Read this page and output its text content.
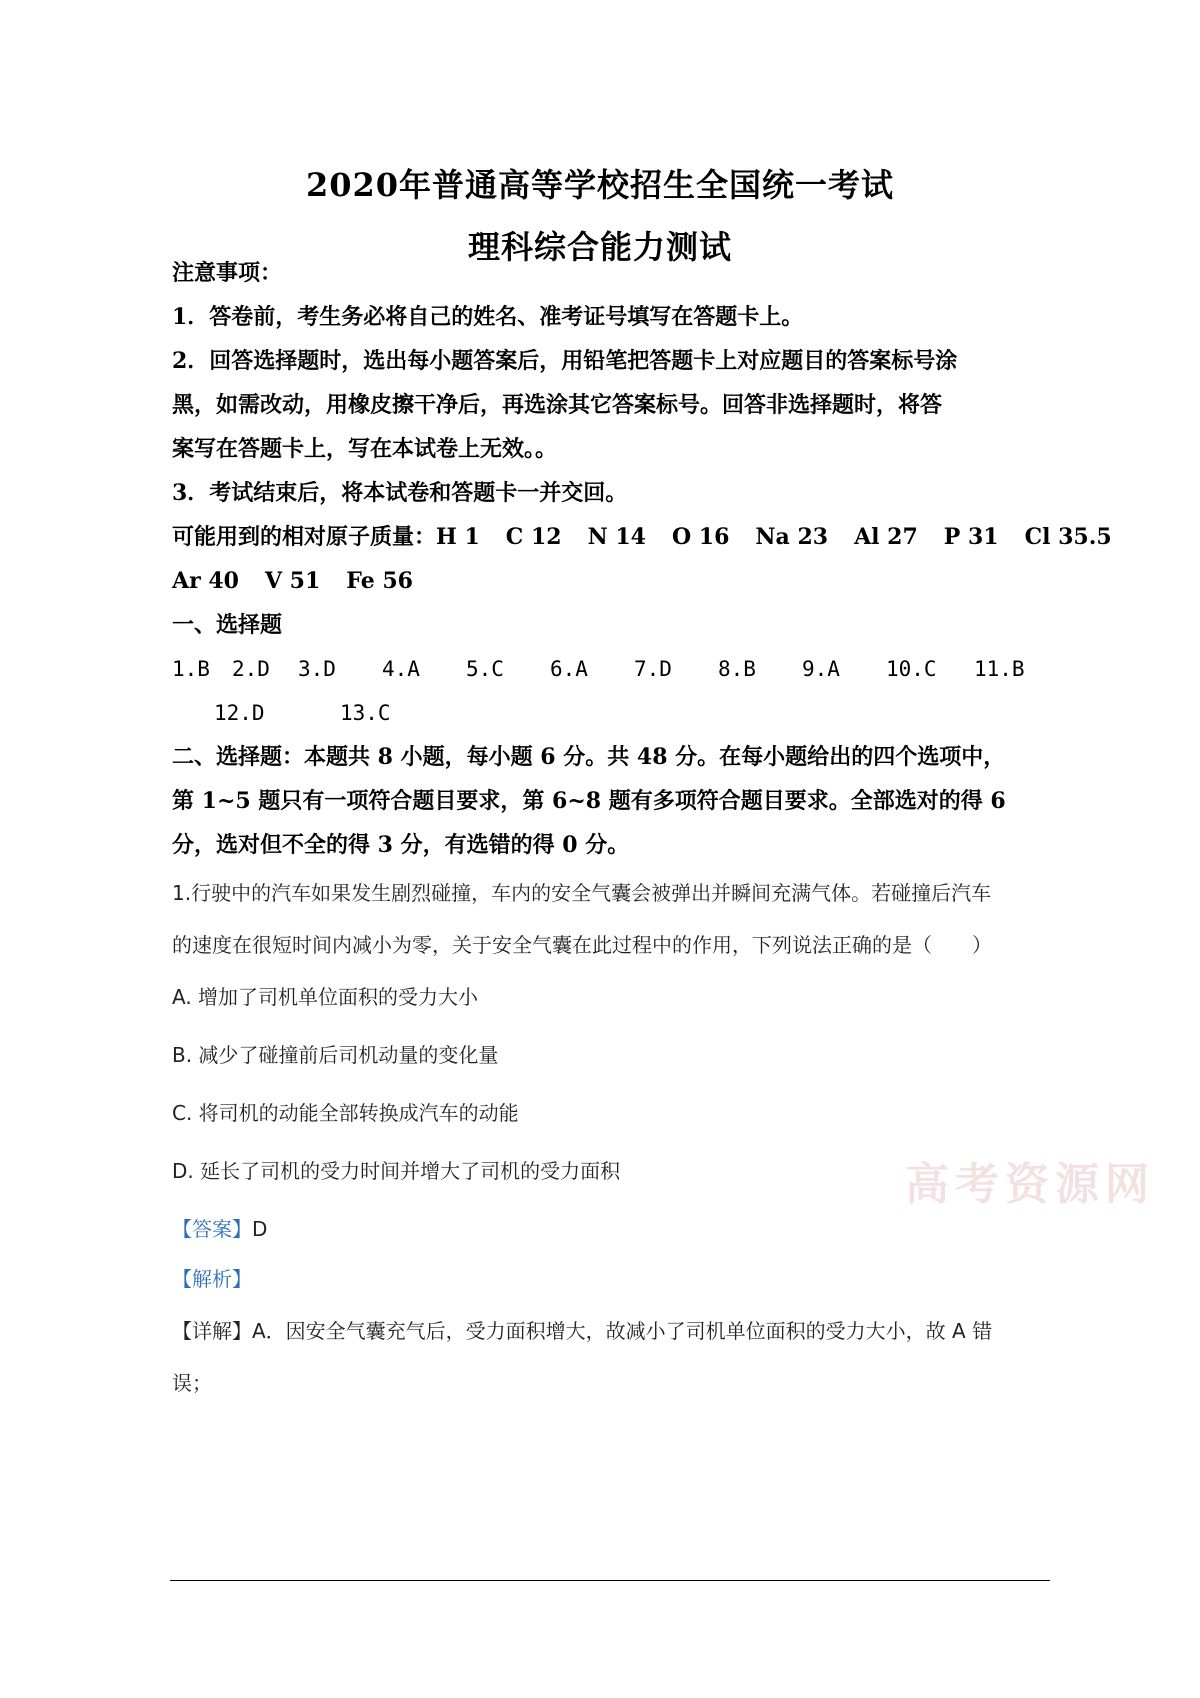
2020年普通高等学校招生全国统一考试
理科综合能力测试
注意事项：
1．答卷前，考生务必将自己的姓名、准考证号填写在答题卡上。
2．回答选择题时，选出每小题答案后，用铅笔把答题卡上对应题目的答案标号涂
黑，如需改动，用橡皮擦干净后，再选涂其它答案标号。回答非选择题时，将答
案写在答题卡上，写在本试卷上无效。。
3．考试结束后，将本试卷和答题卡一并交回。
可能用到的相对原子质量：H 1 C 12 N 14 O 16 Na 23 Al 27 P 31 Cl 35.5
Ar 40 V 51 Fe 56
一、选择题
1.B 2.D 3.D 4.A 5.C 6.A 7.D 8.B 9.A 10.C 11.B
12.D	13.C
二、选择题：本题共 8 小题，每小题 6 分。共 48 分。在每小题给出的四个选项中，
第 1~5 题只有一项符合题目要求，第 6~8 题有多项符合题目要求。全部选对的得 6
分，选对但不全的得 3 分，有选错的得 0 分。
1.行驶中的汽车如果发生剧烈碰撞，车内的安全气囊会被弹出并瞬间充满气体。若碰撞后汽车
的速度在很短时间内减小为零，关于安全气囊在此过程中的作用，下列说法正确的是（　　）
A. 增加了司机单位面积的受力大小
B. 减少了碰撞前后司机动量的变化量
C. 将司机的动能全部转换成汽车的动能
D. 延长了司机的受力时间并增大了司机的受力面积
【答案】D
【解析】
【详解】A．因安全气囊充气后，受力面积增大，故减小了司机单位面积的受力大小，故 A 错
误；
高考资源网
